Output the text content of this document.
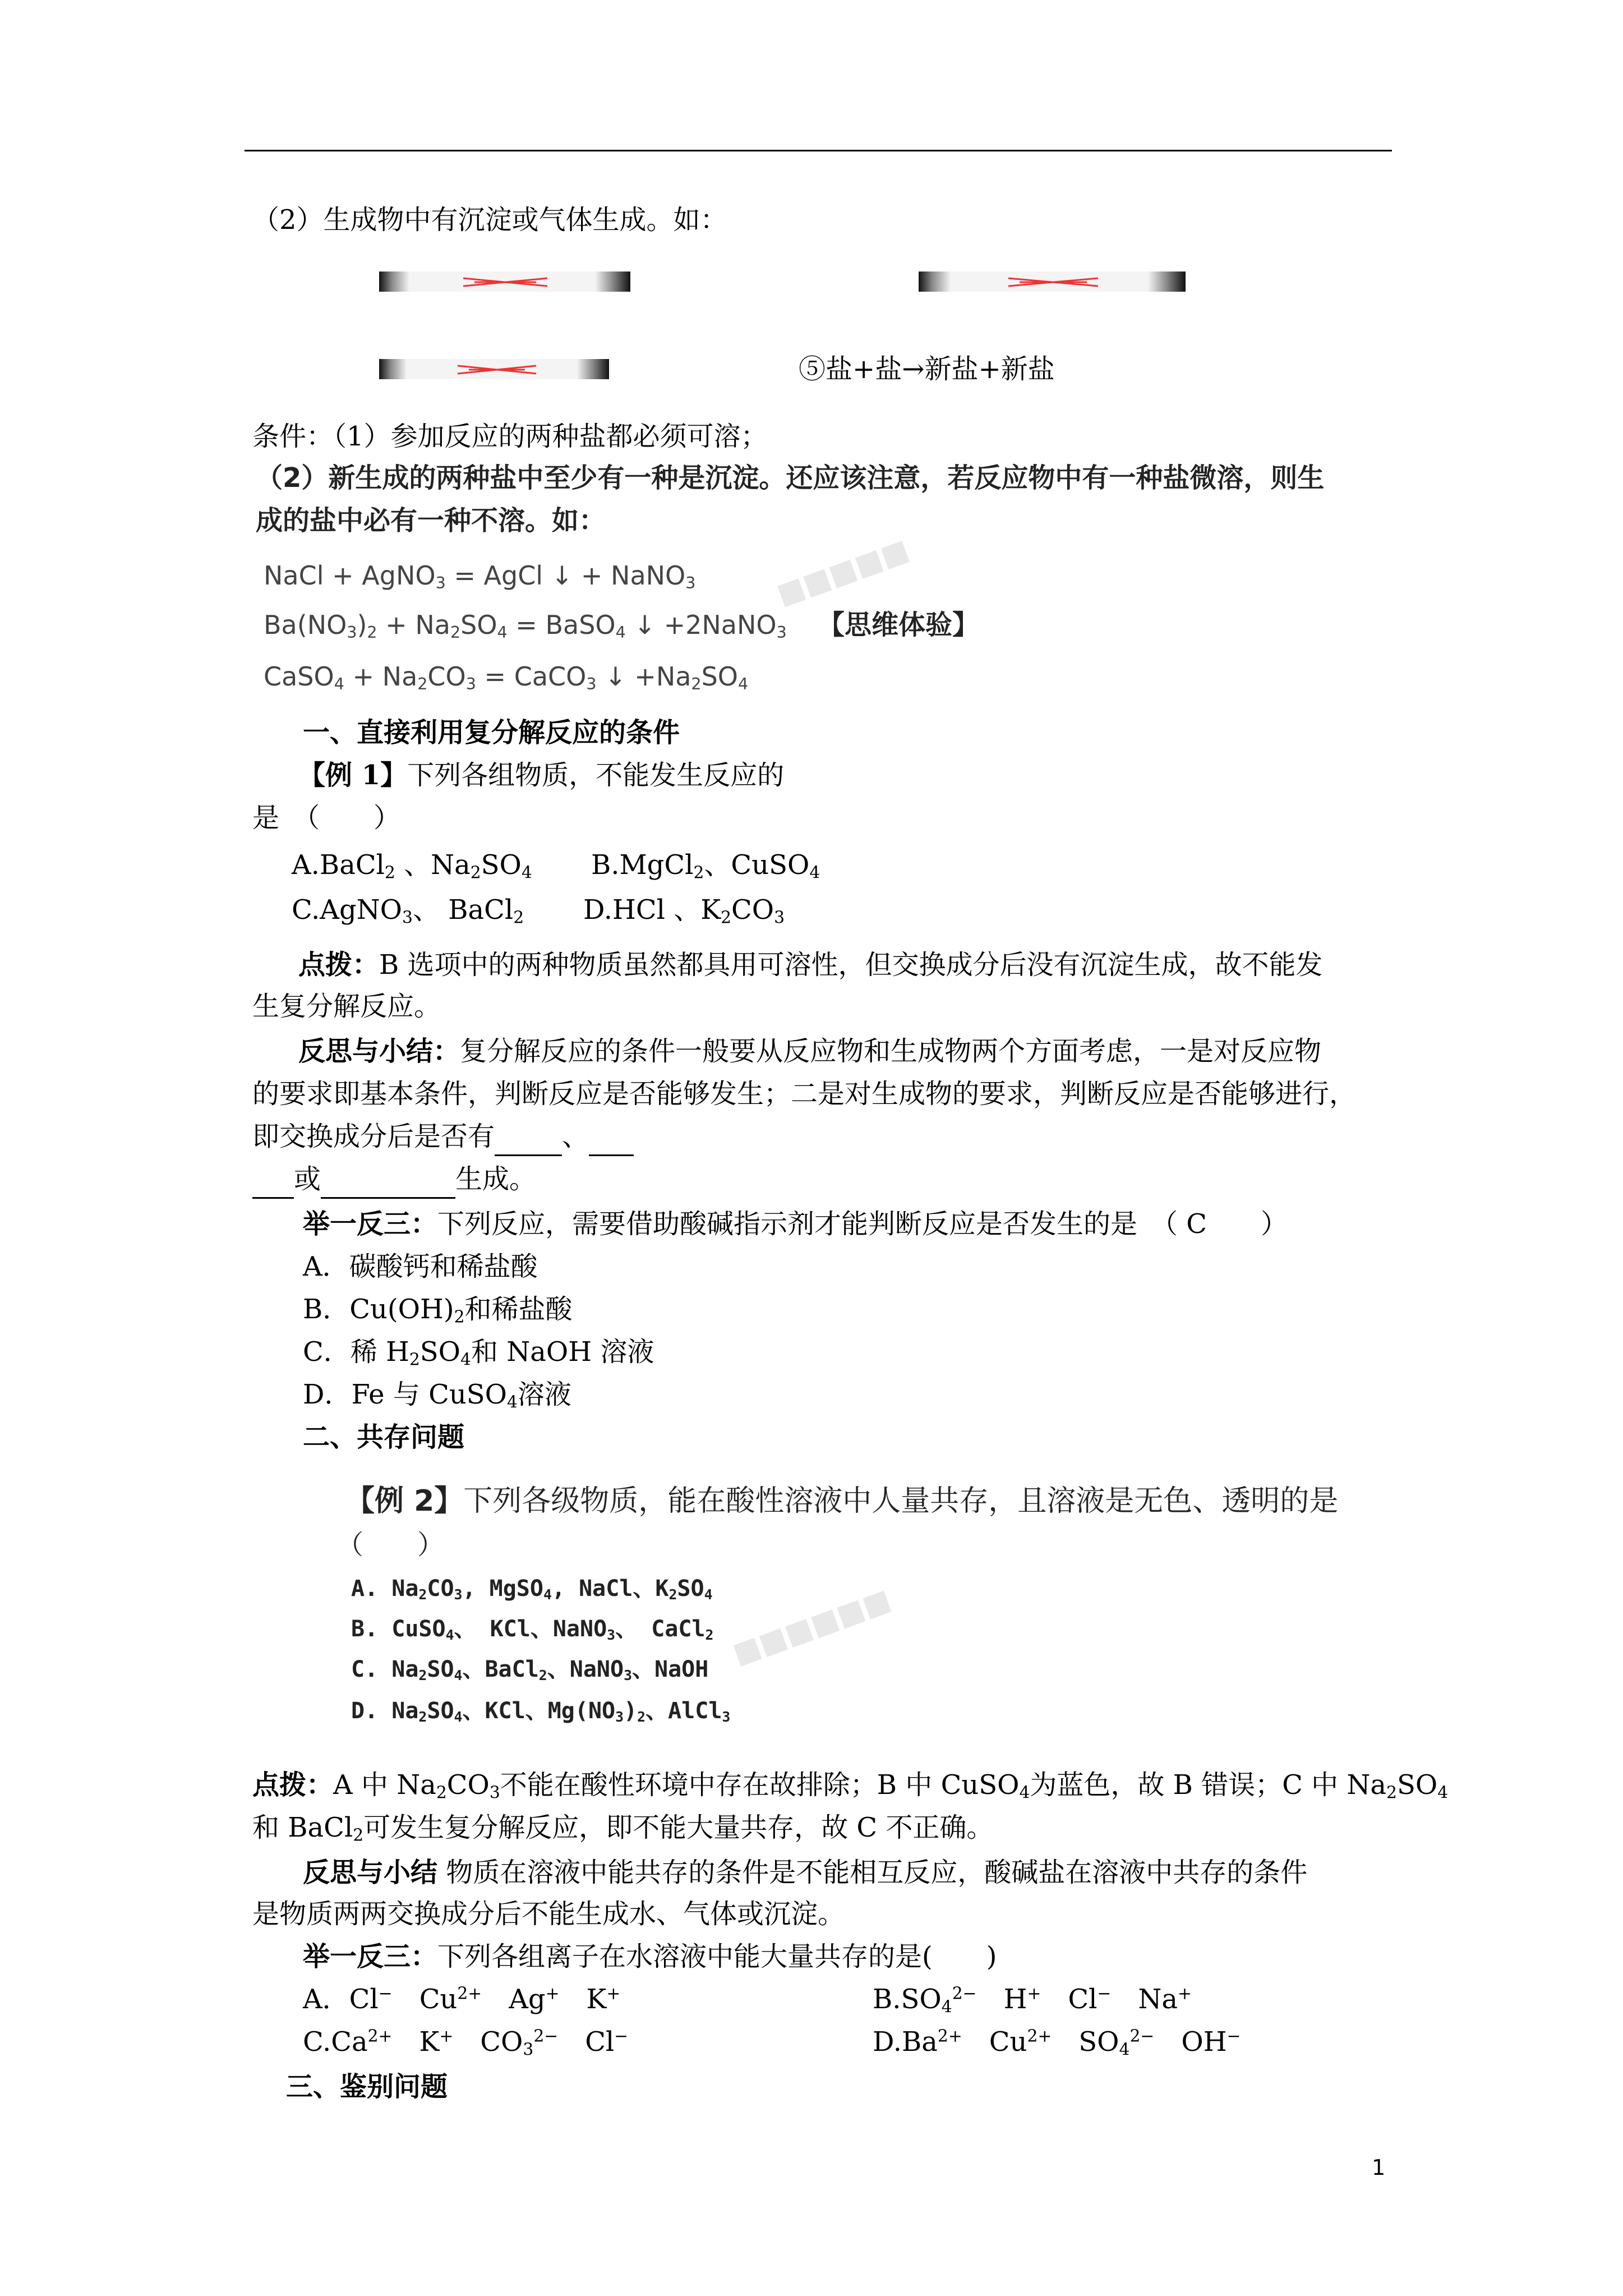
（2）生成物中有沉淀或气体生成。如：
⑤盐+盐→新盐+新盐
条件：（1）参加反应的两种盐都必须可溶；
（2）新生成的两种盐中至少有一种是沉淀。还应该注意，若反应物中有一种盐微溶，则生
成的盐中必有一种不溶。如：
■■■■■
■■■■■■
NaCl + AgNO$_3$ = AgCl ↓ + NaNO$_3$
$Ba(NO_3)_2 + Na_2SO_4$ = BaSO$_4$ ↓ +2NaNO$_3$ 【思维体验】
CaSO$_4$ + $Na_2CO_3$ = CaCO$_3$ ↓ $+Na_2SO_4$
一、直接利用复分解反应的条件
【例 1】下列各组物质，不能发生反应的
是　（　　）
A.BaCl$_2$ 、$Na_2SO_4$ B.MgCl$_2$、CuSO$_4$
C.AgNO$_3$、 BaCl$_2$ D.HCl 、$K_2CO_3$
点拨：B 选项中的两种物质虽然都具用可溶性，但交换成分后没有沉淀生成，故不能发
生复分解反应。
反思与小结：复分解反应的条件一般要从反应物和生成物两个方面考虑，一是对反应物
的要求即基本条件，判断反应是否能够发生；二是对生成物的要求，判断反应是否能够进行，
即交换成分后是否有	、
或	生成。
举一反三：下列反应，需要借助酸碱指示剂才能判断反应是否发生的是　（ C　　）
A．碳酸钙和稀盐酸
B．$Cu(OH)_2$和稀盐酸
C．稀 $H_2SO_4$和 NaOH 溶液
D．Fe 与 CuSO$_4$溶液
二、共存问题
【例 2】下列各级物质，能在酸性溶液中人量共存，且溶液是无色、透明的是
（　　）
A. $Na_2CO_3$, MgSO$_4$, NaCl、$K_2SO_4$
B. CuSO$_4$、 KCl、NaNO$_3$、 CaCl$_2$
C. $Na_2SO_4$、BaCl$_2$、NaNO$_3$、NaOH
D. $Na_2SO_4$、KCl、$Mg(NO_3)_2$、AlCl$_3$
点拨：A 中 $Na_2CO_3$不能在酸性环境中存在故排除；B 中 CuSO$_4$为蓝色，故 B 错误；C 中 $Na_2SO_4$
和 BaCl$_2$可发生复分解反应，即不能大量共存，故 C 不正确。
反思与小结 物质在溶液中能共存的条件是不能相互反应，酸碱盐在溶液中共存的条件
是物质两两交换成分后不能生成水、气体或沉淀。
举一反三：下列各组离子在水溶液中能大量共存的是(　　)
A．Cl−　$Cu^{2+}$　Ag+　K+	$B.SO_4^{2-}$　H+　Cl−　Na+
$C.Ca^{2+}$　K+　$CO_3^{2-}$　Cl−	$D.Ba^{2+}$　$Cu^{2+}$　$SO_4^{2-}$　OH−
三、鉴别问题
1
